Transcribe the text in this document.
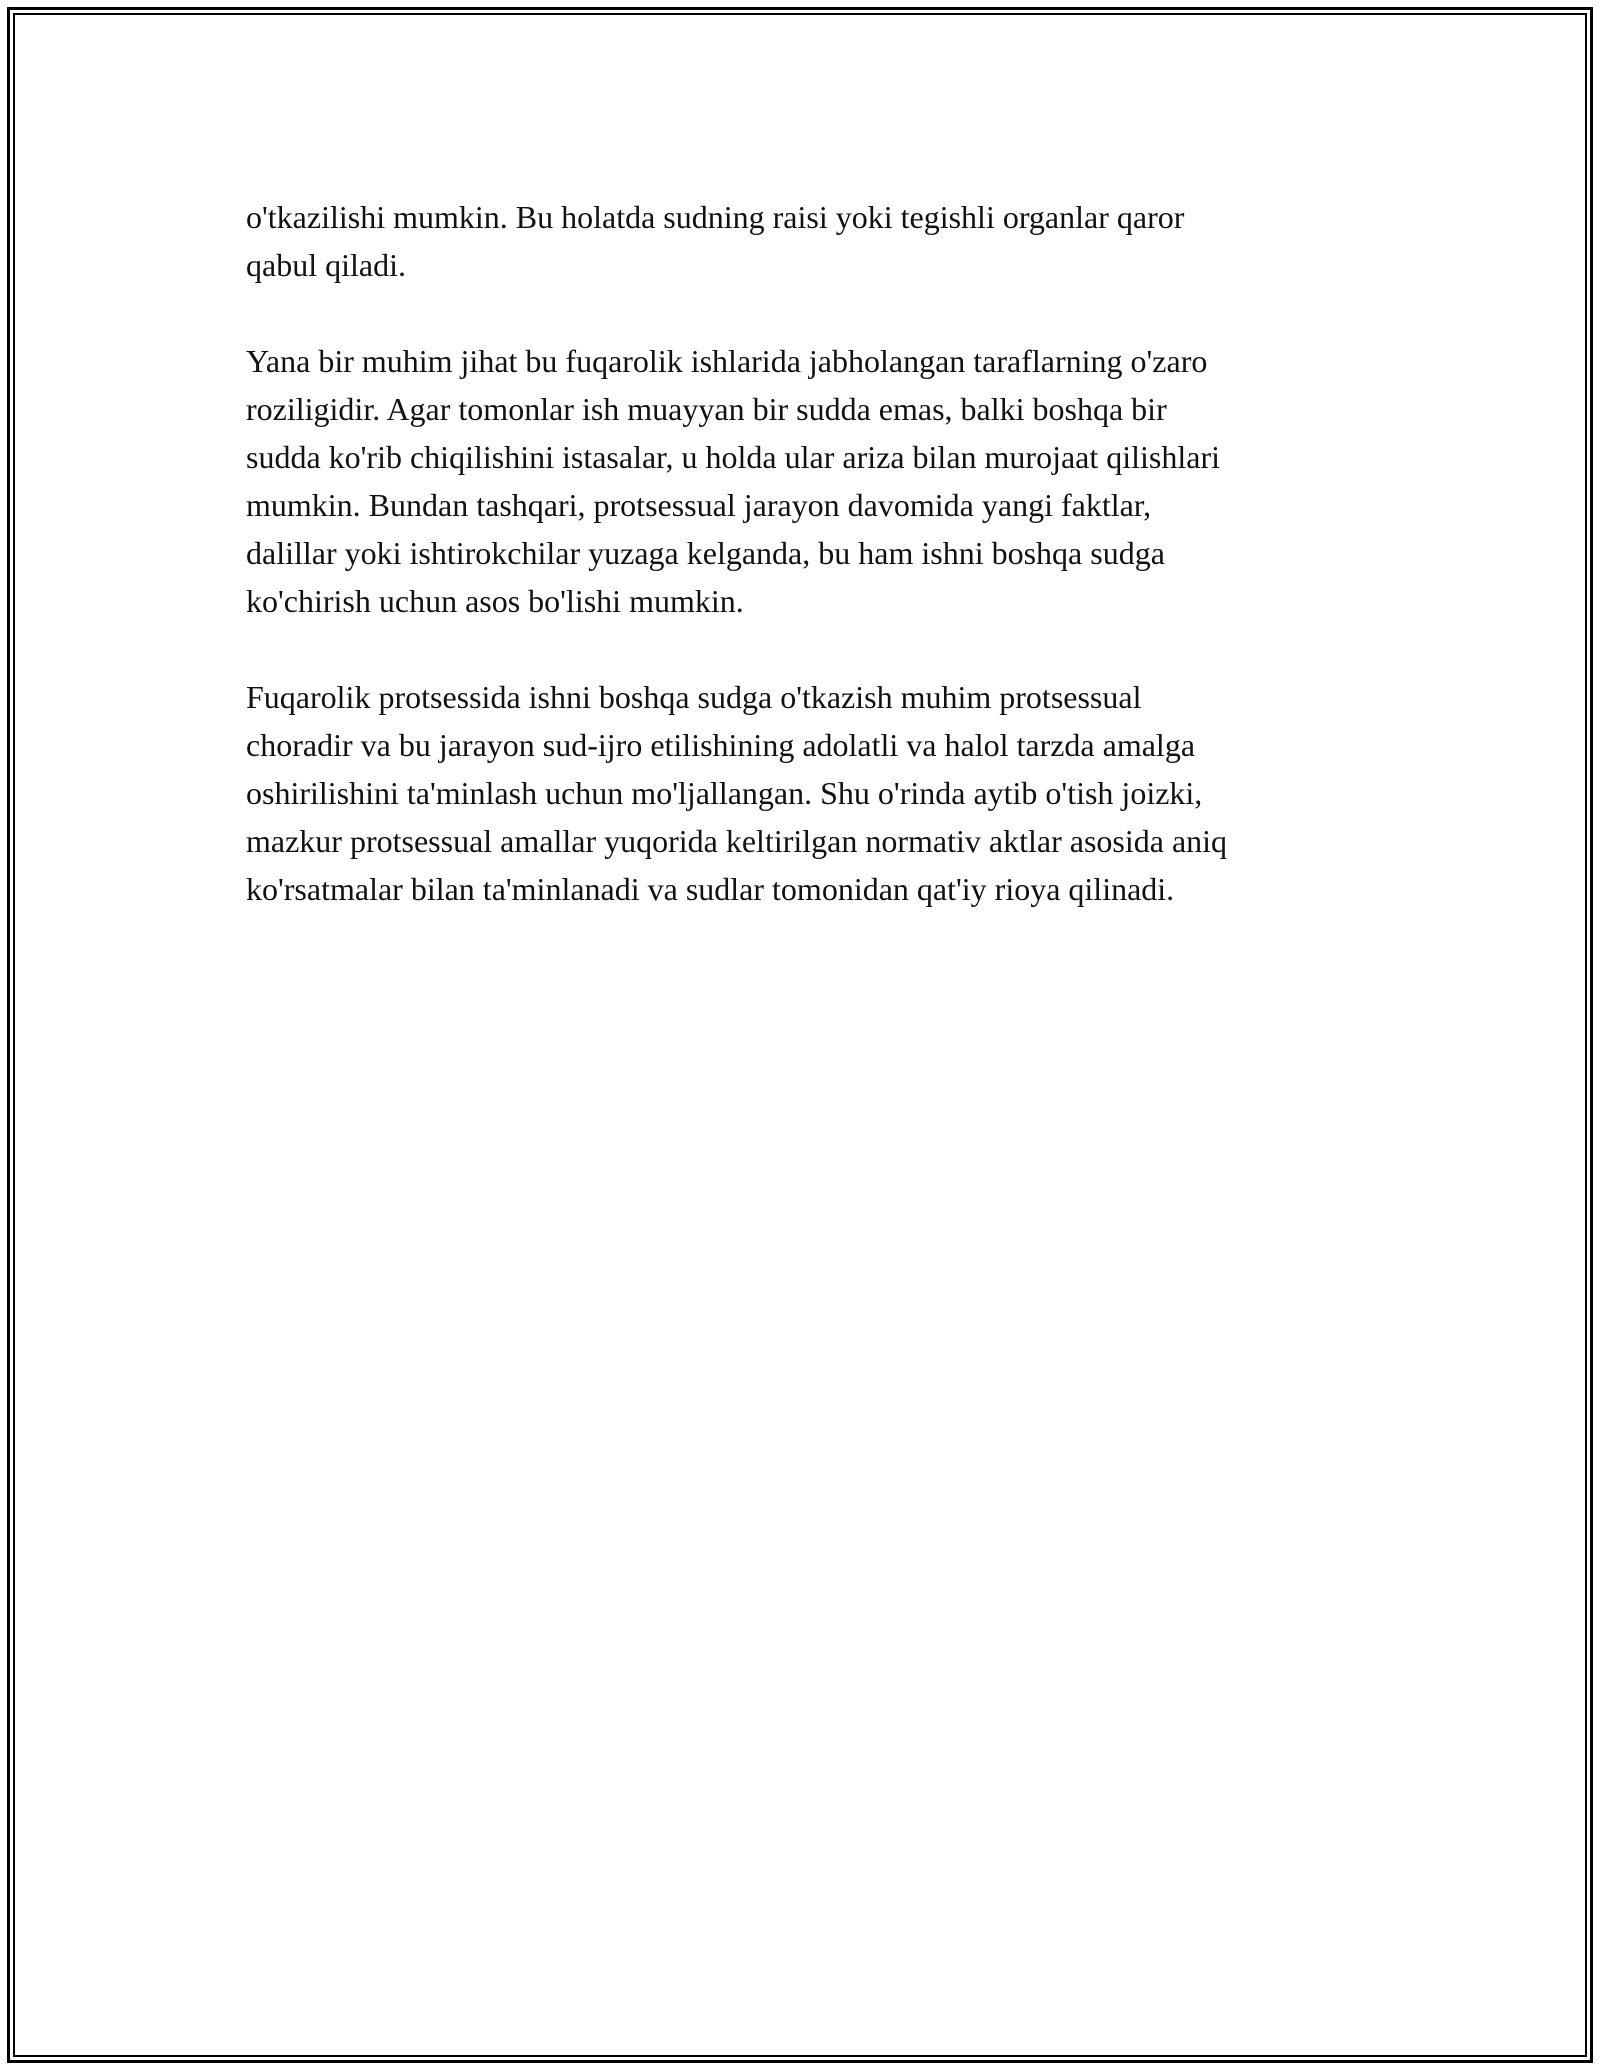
o'tkazilishi mumkin. Bu holatda sudning raisi yoki tegishli organlar qaror
qabul qiladi.

Yana bir muhim jihat bu fuqarolik ishlarida jabholangan taraflarning o'zaro
roziligidir. Agar tomonlar ish muayyan bir sudda emas, balki boshqa bir
sudda ko'rib chiqilishini istasalar, u holda ular ariza bilan murojaat qilishlari
mumkin. Bundan tashqari, protsessual jarayon davomida yangi faktlar,
dalillar yoki ishtirokchilar yuzaga kelganda, bu ham ishni boshqa sudga
ko'chirish uchun asos bo'lishi mumkin.

Fuqarolik protsessida ishni boshqa sudga o'tkazish muhim protsessual
choradir va bu jarayon sud-ijro etilishining adolatli va halol tarzda amalga
oshirilishini ta'minlash uchun mo'ljallangan. Shu o'rinda aytib o'tish joizki,
mazkur protsessual amallar yuqorida keltirilgan normativ aktlar asosida aniq
ko'rsatmalar bilan ta'minlanadi va sudlar tomonidan qat'iy rioya qilinadi.
